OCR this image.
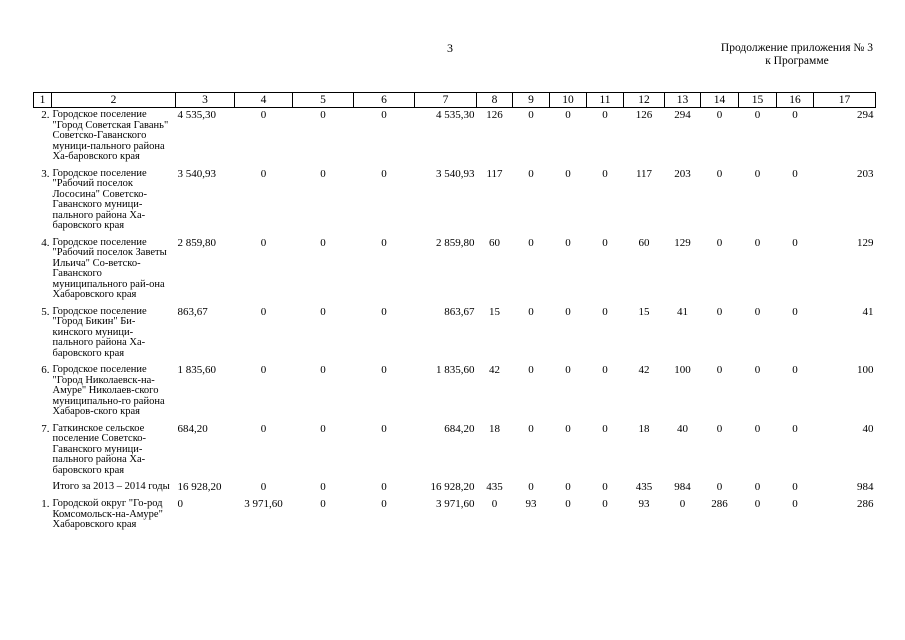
3	Продолжение приложения № 3
к Программе
1	2	3	4	5	6	7	8	9	10	11	12	13	14	15	16	17
2.	Городское поселение "Город Советская Гавань" Советско-Гаванского муници-пального района Ха-баровского края	4 535,30	0	0	0	4 535,30	126	0	0	0	126	294	0	0	0	294
3.	Городское поселение "Рабочий поселок Лососина" Советско-Гаванского муници-пального района Ха-баровского края	3 540,93	0	0	0	3 540,93	117	0	0	0	117	203	0	0	0	203
4.	Городское поселение "Рабочий поселок Заветы Ильича" Со-ветско-Гаванского муниципального рай-она Хабаровского края	2 859,80	0	0	0	2 859,80	60	0	0	0	60	129	0	0	0	129
5.	Городское поселение "Город Бикин" Би-кинского муници-пального района Ха-баровского края	863,67	0	0	0	863,67	15	0	0	0	15	41	0	0	0	41
6.	Городское поселение "Город Николаевск-на-Амуре" Николаев-ского муниципально-го района Хабаров-ского края	1 835,60	0	0	0	1 835,60	42	0	0	0	42	100	0	0	0	100
7.	Гаткинское сельское поселение Советско-Гаванского муници-пального района Ха-баровского края	684,20	0	0	0	684,20	18	0	0	0	18	40	0	0	0	40
	Итого за 2013 – 2014 годы	16 928,20	0	0	0	16 928,20	435	0	0	0	435	984	0	0	0	984
1.	Городской округ "Го-род Комсомольск-на-Амуре" Хабаровского края	0	3 971,60	0	0	3 971,60	0	93	0	0	93	0	286	0	0	286
